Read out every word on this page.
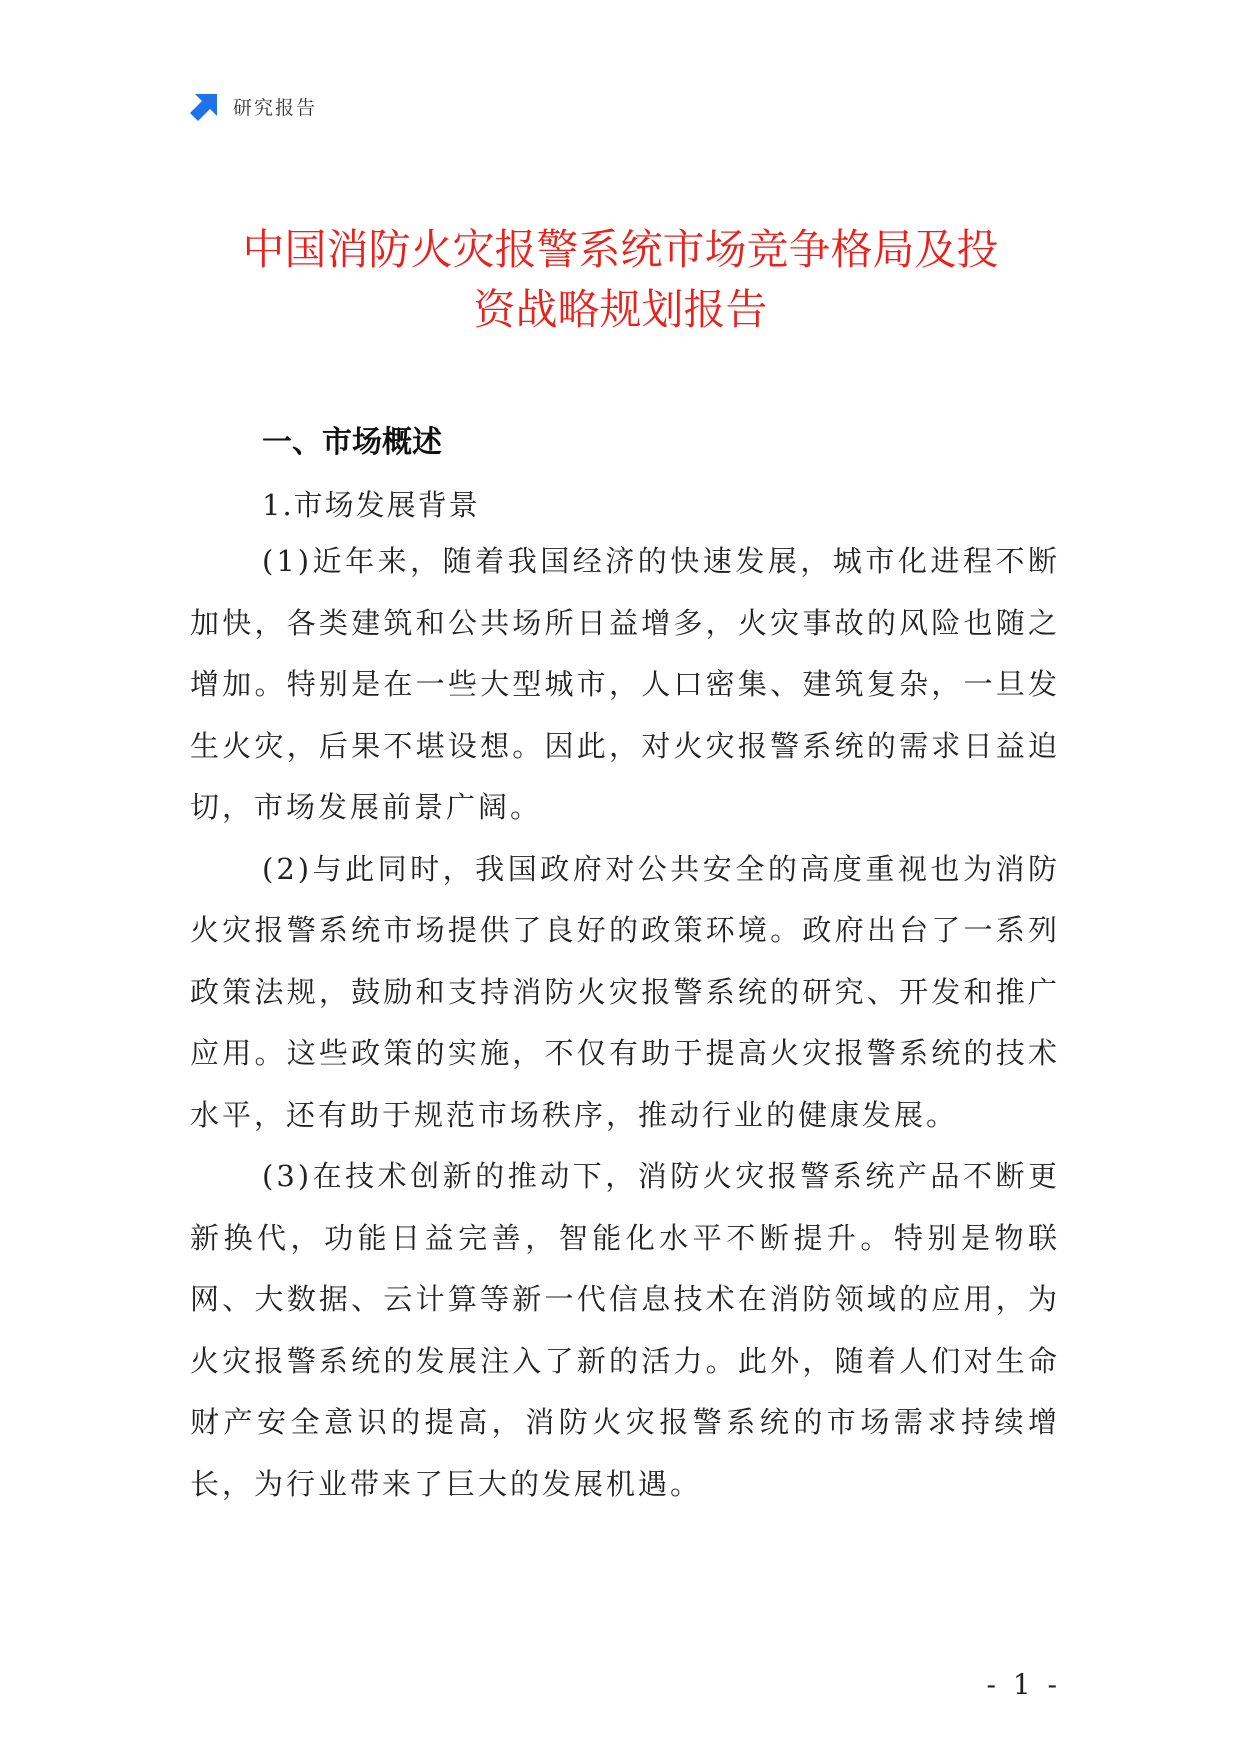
研究报告
中国消防火灾报警系统市场竞争格局及投
资战略规划报告
一、市场概述
1.市场发展背景

(1)近年来，随着我国经济的快速发展，城市化进程不断加快，各类建筑和公共场所日益增多，火灾事故的风险也随之增加。特别是在一些大型城市，人口密集、建筑复杂，一旦发生火灾，后果不堪设想。因此，对火灾报警系统的需求日益迫切，市场发展前景广阔。

(2)与此同时，我国政府对公共安全的高度重视也为消防火灾报警系统市场提供了良好的政策环境。政府出台了一系列政策法规，鼓励和支持消防火灾报警系统的研究、开发和推广应用。这些政策的实施，不仅有助于提高火灾报警系统的技术水平，还有助于规范市场秩序，推动行业的健康发展。

(3)在技术创新的推动下，消防火灾报警系统产品不断更新换代，功能日益完善，智能化水平不断提升。特别是物联网、大数据、云计算等新一代信息技术在消防领域的应用，为火灾报警系统的发展注入了新的活力。此外，随着人们对生命财产安全意识的提高，消防火灾报警系统的市场需求持续增长，为行业带来了巨大的发展机遇。

- 1 -
